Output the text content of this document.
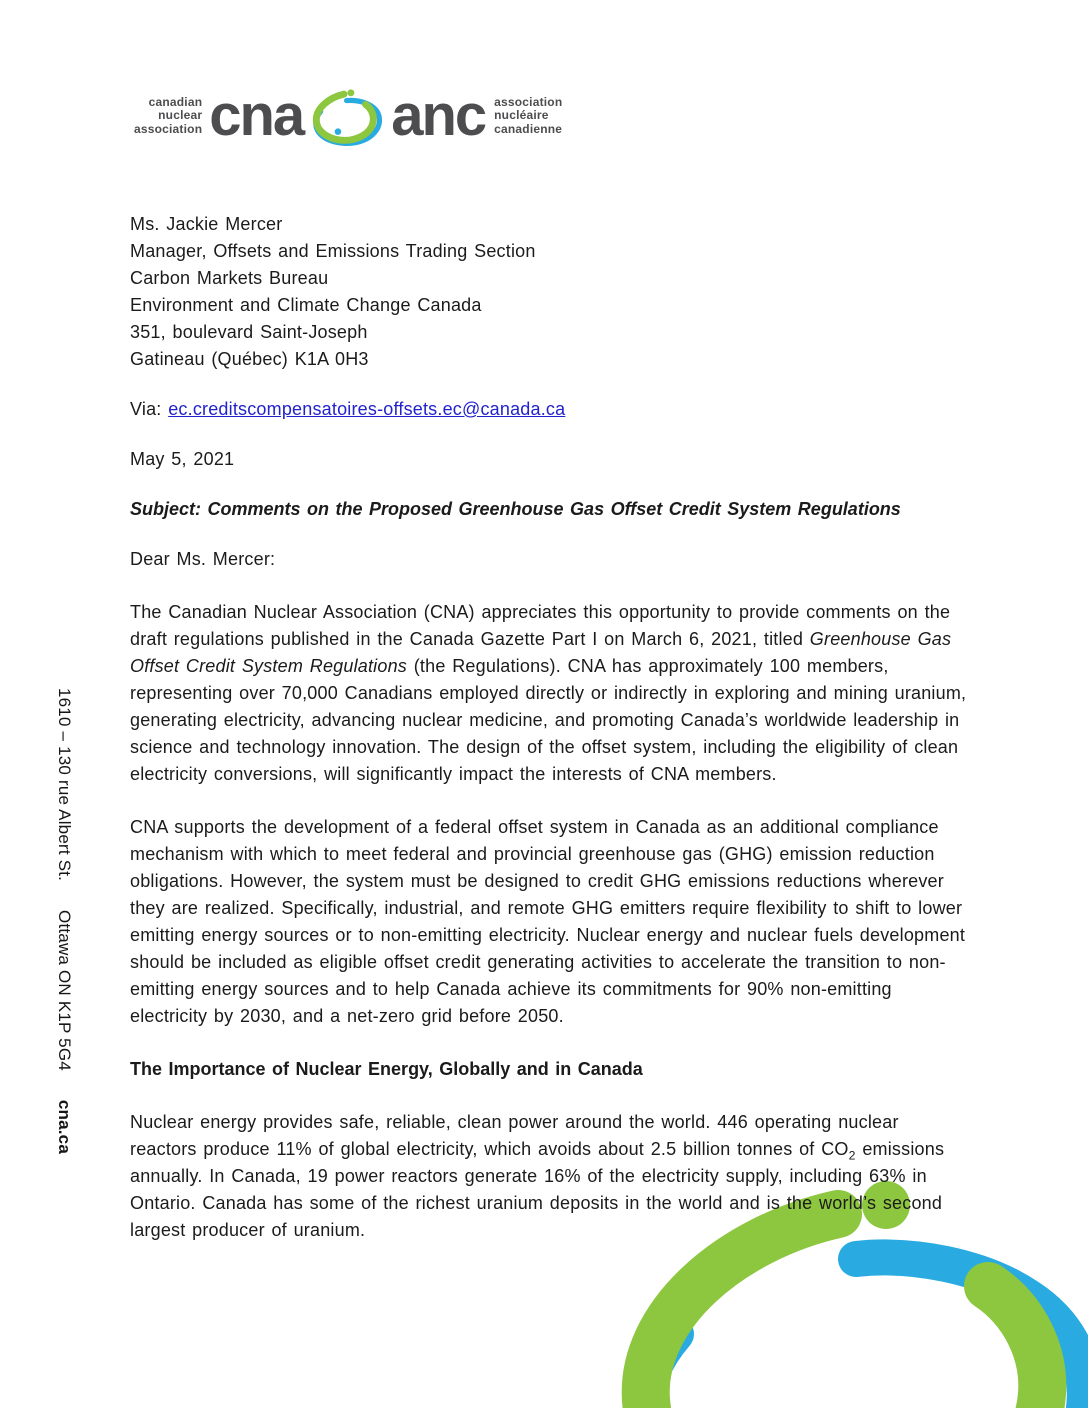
canadian
nuclear
association cna anc association
nucléaire
canadienne
1610 – 130 rue Albert St. Ottawa ON K1P 5G4 cna.ca
Ms. Jackie Mercer
Manager, Offsets and Emissions Trading Section
Carbon Markets Bureau
Environment and Climate Change Canada
351, boulevard Saint-Joseph
Gatineau (Québec) K1A 0H3
Via: ec.creditscompensatoires-offsets.ec@canada.ca
May 5, 2021
Subject: Comments on the Proposed Greenhouse Gas Offset Credit System Regulations
Dear Ms. Mercer:

The Canadian Nuclear Association (CNA) appreciates this opportunity to provide comments on the draft regulations published in the Canada Gazette Part I on March 6, 2021, titled Greenhouse Gas Offset Credit System Regulations (the Regulations). CNA has approximately 100 members, representing over 70,000 Canadians employed directly or indirectly in exploring and mining uranium, generating electricity, advancing nuclear medicine, and promoting Canada’s worldwide leadership in science and technology innovation. The design of the offset system, including the eligibility of clean electricity conversions, will significantly impact the interests of CNA members.

CNA supports the development of a federal offset system in Canada as an additional compliance mechanism with which to meet federal and provincial greenhouse gas (GHG) emission reduction obligations. However, the system must be designed to credit GHG emissions reductions wherever they are realized. Specifically, industrial, and remote GHG emitters require flexibility to shift to lower emitting energy sources or to non-emitting electricity. Nuclear energy and nuclear fuels development should be included as eligible offset credit generating activities to accelerate the transition to non-emitting energy sources and to help Canada achieve its commitments for 90% non-emitting electricity by 2030, and a net-zero grid before 2050.

The Importance of Nuclear Energy, Globally and in Canada

Nuclear energy provides safe, reliable, clean power around the world. 446 operating nuclear reactors produce 11% of global electricity, which avoids about 2.5 billion tonnes of $CO_2$ emissions annually. In Canada, 19 power reactors generate 16% of the electricity supply, including 63% in Ontario. Canada has some of the richest uranium deposits in the world and is the world’s second largest producer of uranium.
